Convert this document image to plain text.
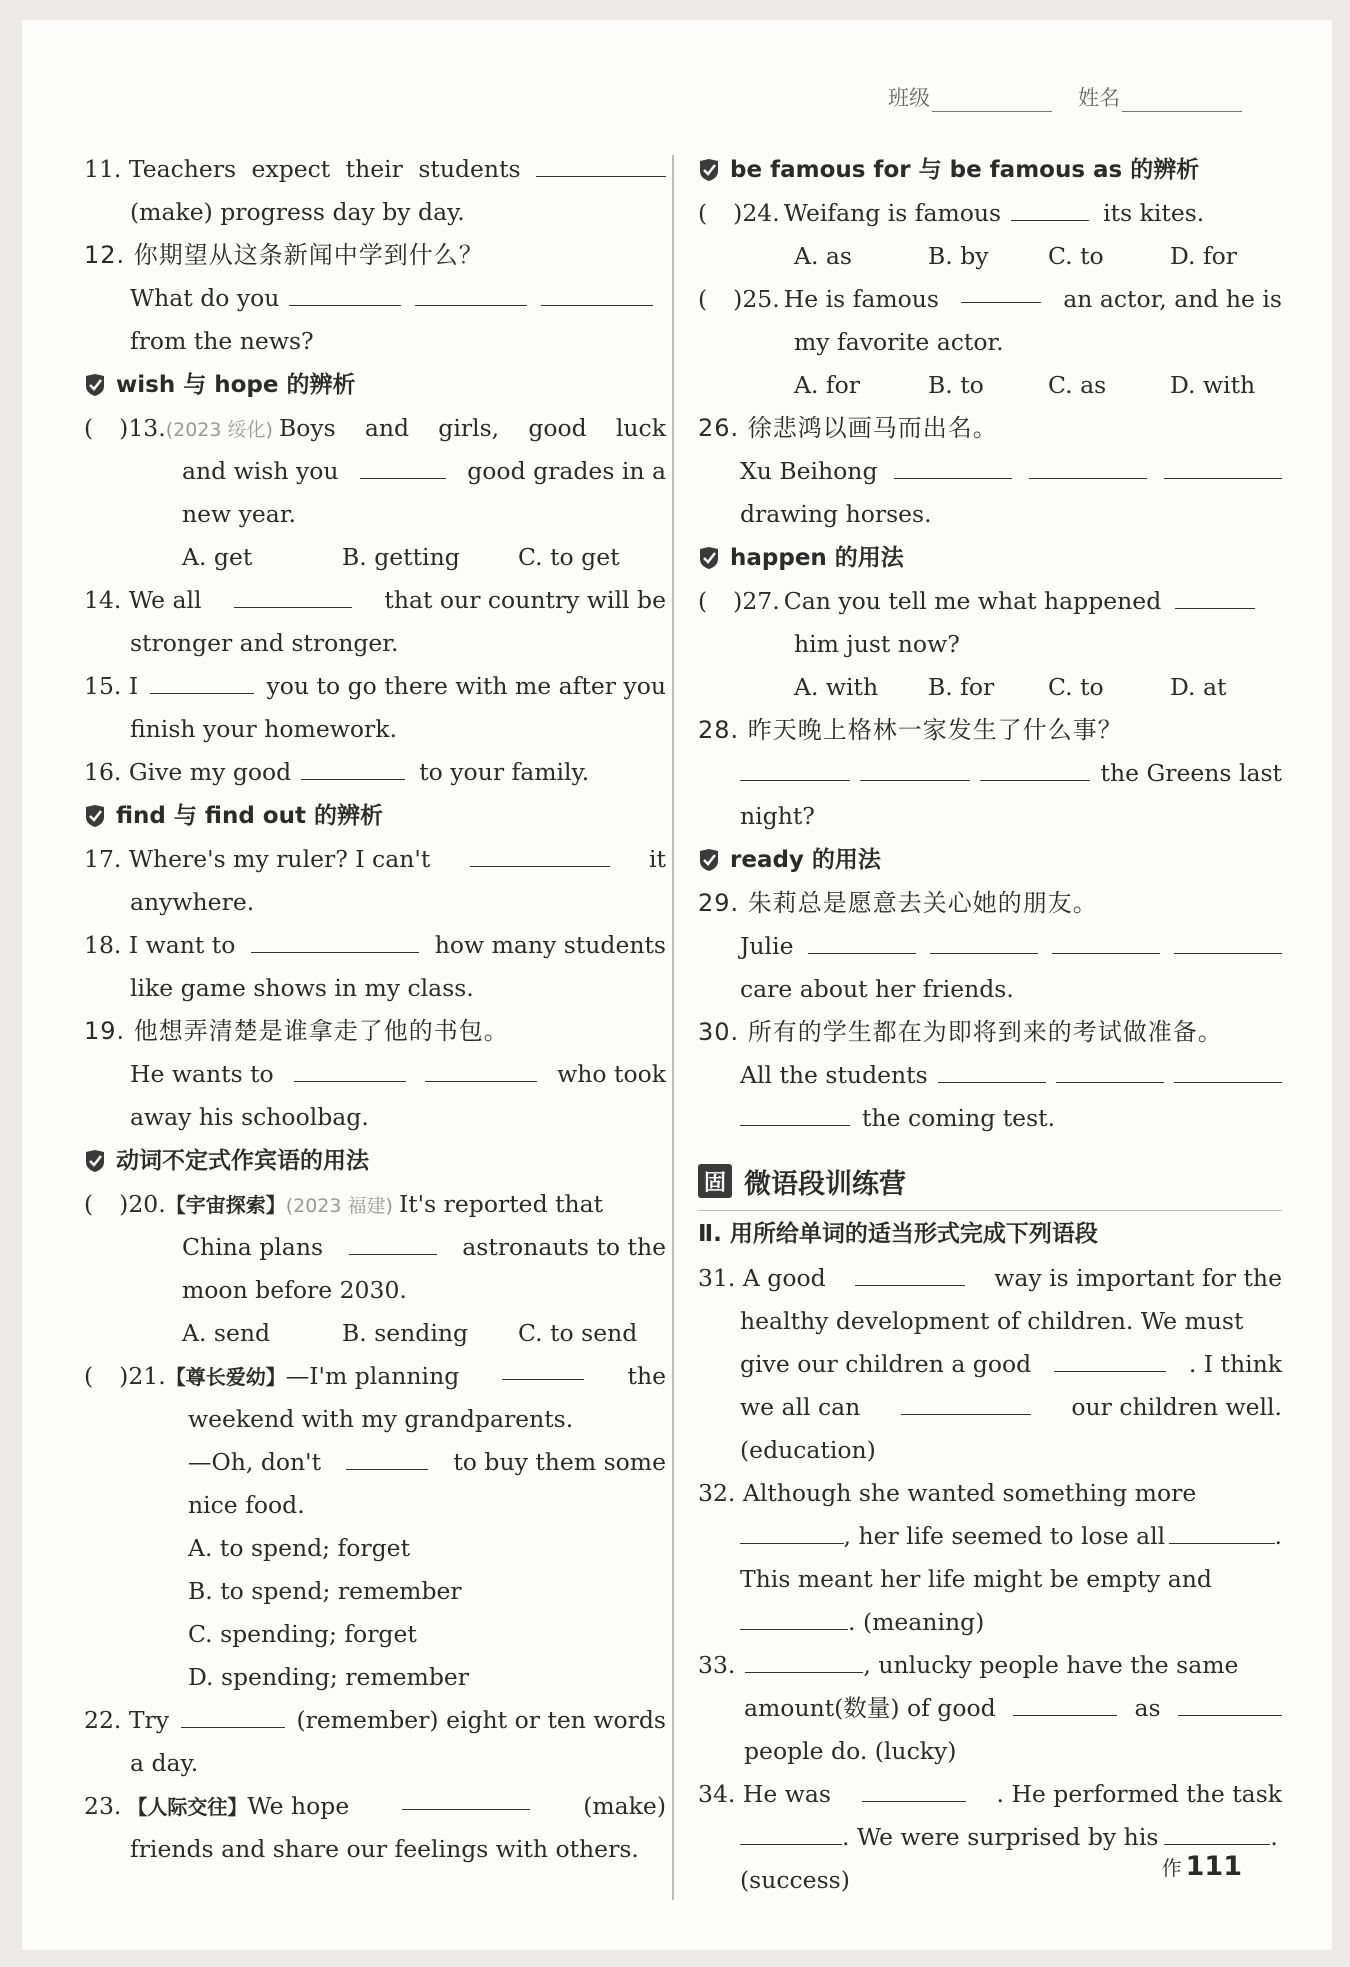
班级	姓名
11. Teachers expect their students
(make) progress day by day.
12. 你期望从这条新闻中学到什么？
What do you
from the news?
wish 与 hope 的辨析
( )13. (2023 绥化) Boys and girls, good luck
and wish you	good grades in a
new year.
A. get	B. getting	C. to get
14. We all	that our country will be
stronger and stronger.
15. I	you to go there with me after you
finish your homework.
16. Give my good	to your family.
find 与 find out 的辨析
17. Where's my ruler? I can't	it
anywhere.
18. I want to	how many students
like game shows in my class.
19. 他想弄清楚是谁拿走了他的书包。
He wants to	who took
away his schoolbag.
动词不定式作宾语的用法
( )20. 【宇宙探索】 (2023 福建) It's reported that
China plans	astronauts to the
moon before 2030.
A. send	B. sending	C. to send
( )21. 【尊长爱幼】 —I'm planning	the
weekend with my grandparents.
—Oh, don't	to buy them some
nice food.
A. to spend; forget
B. to spend; remember
C. spending; forget
D. spending; remember
22. Try	(remember) eight or ten words
a day.
23. 【人际交往】 We hope	(make)
friends and share our feelings with others.
be famous for 与 be famous as 的辨析
( )24. Weifang is famous	its kites.
A. as	B. by	C. to	D. for
( )25. He is famous	an actor, and he is
my favorite actor.
A. for	B. to	C. as	D. with
26. 徐悲鸿以画马而出名。
Xu Beihong
drawing horses.
happen 的用法
( )27. Can you tell me what happened
him just now?
A. with	B. for	C. to	D. at
28. 昨天晚上格林一家发生了什么事？
the Greens last
night?
ready 的用法
29. 朱莉总是愿意去关心她的朋友。
Julie
care about her friends.
30. 所有的学生都在为即将到来的考试做准备。
All the students
the coming test.
固 微语段训练营
Ⅱ. 用所给单词的适当形式完成下列语段
31. A good	way is important for the
healthy development of children. We must
give our children a good	. I think
we all can	our children well.
(education)
32. Although she wanted something more
, her life seemed to lose all	.
This meant her life might be empty and
. (meaning)
33.	, unlucky people have the same
amount(数量) of good	as
people do. (lucky)
34. He was	. He performed the task
. We were surprised by his	.
(success)	作 111
